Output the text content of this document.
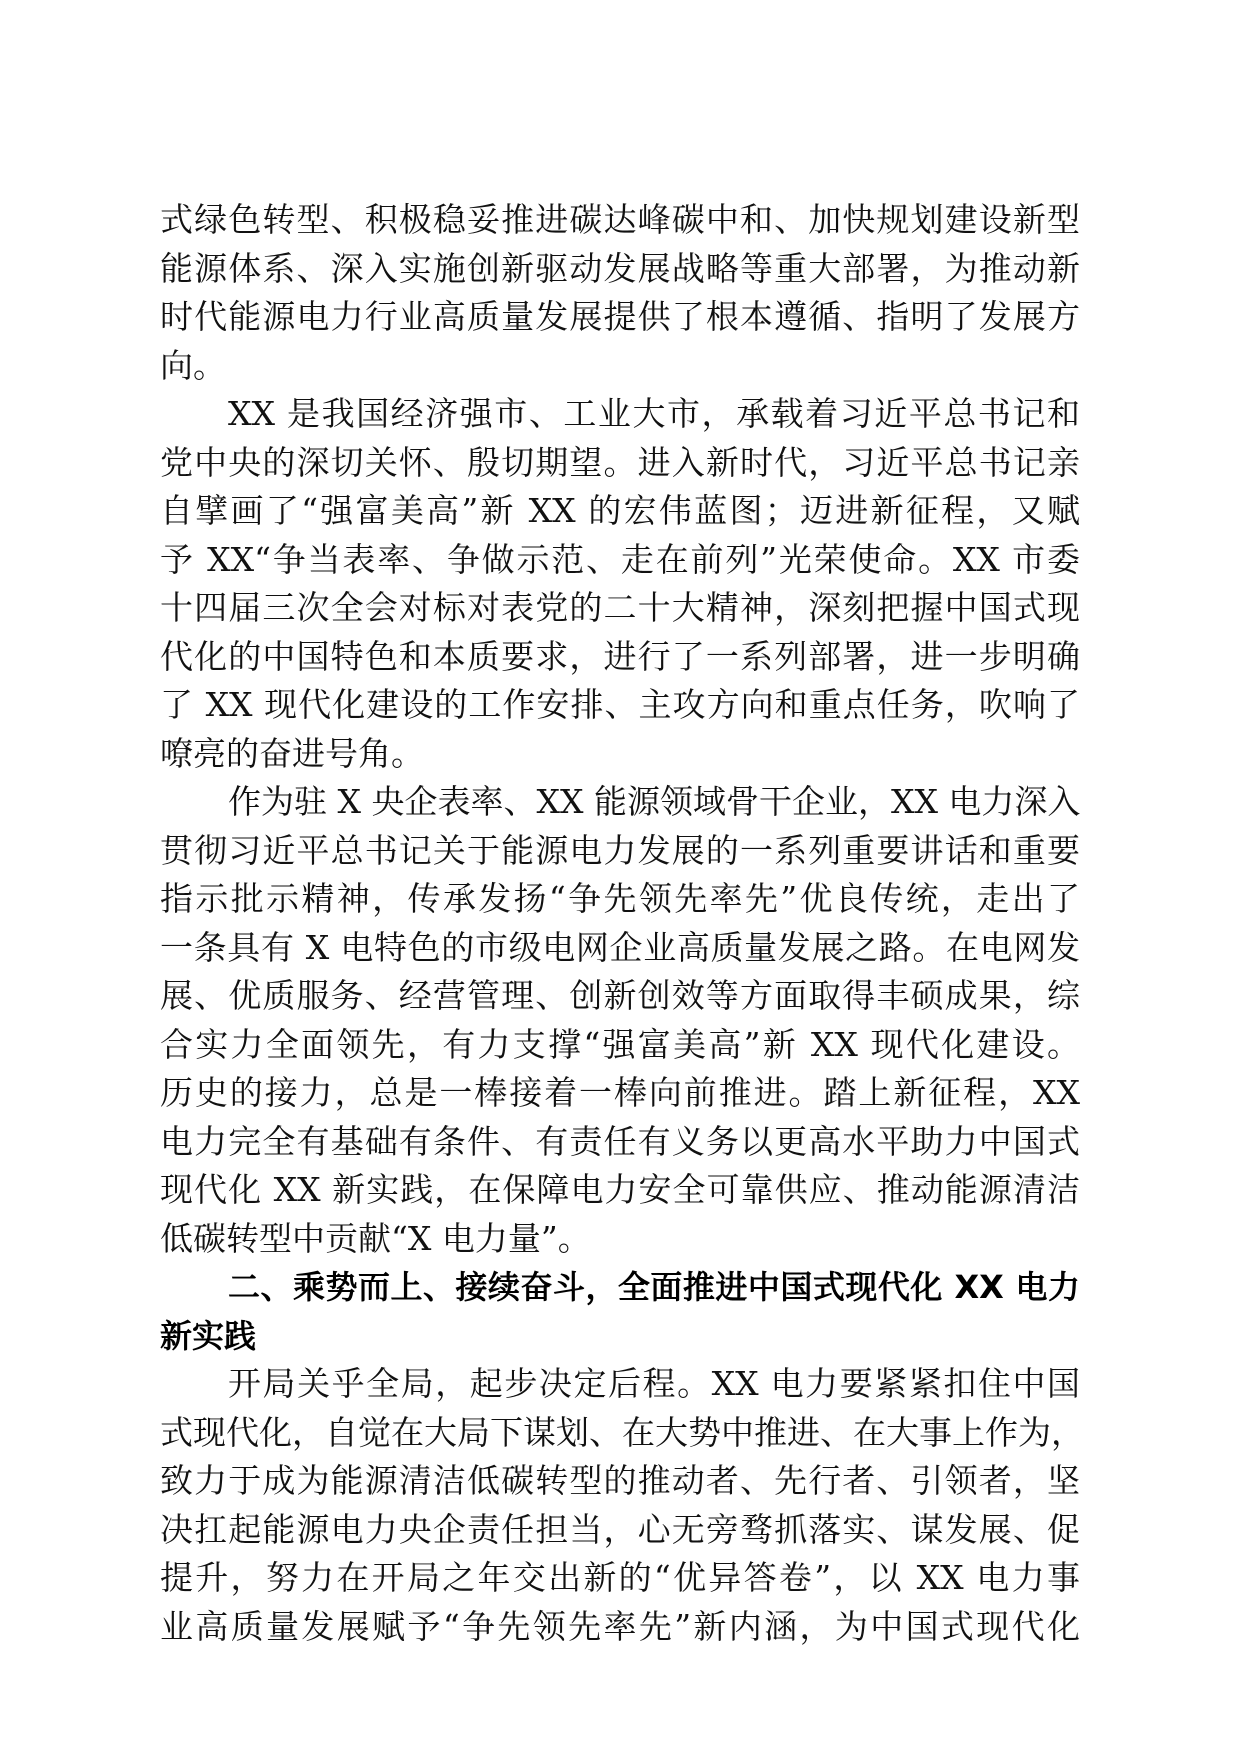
式绿色转型、积极稳妥推进碳达峰碳中和、加快规划建设新型
能源体系、深入实施创新驱动发展战略等重大部署，为推动新
时代能源电力行业高质量发展提供了根本遵循、指明了发展方
向。
XX 是我国经济强市、工业大市，承载着习近平总书记和
党中央的深切关怀、殷切期望。进入新时代，习近平总书记亲
自擘画了“强富美高”新 XX 的宏伟蓝图；迈进新征程，又赋
予 XX“争当表率、争做示范、走在前列”光荣使命。XX 市委
十四届三次全会对标对表党的二十大精神，深刻把握中国式现
代化的中国特色和本质要求，进行了一系列部署，进一步明确
了 XX 现代化建设的工作安排、主攻方向和重点任务，吹响了
嘹亮的奋进号角。
作为驻 X 央企表率、XX 能源领域骨干企业，XX 电力深入
贯彻习近平总书记关于能源电力发展的一系列重要讲话和重要
指示批示精神，传承发扬“争先领先率先”优良传统，走出了
一条具有 X 电特色的市级电网企业高质量发展之路。在电网发
展、优质服务、经营管理、创新创效等方面取得丰硕成果，综
合实力全面领先，有力支撑“强富美高”新 XX 现代化建设。
历史的接力，总是一棒接着一棒向前推进。踏上新征程，XX
电力完全有基础有条件、有责任有义务以更高水平助力中国式
现代化 XX 新实践，在保障电力安全可靠供应、推动能源清洁
低碳转型中贡献“X 电力量”。
二、乘势而上、接续奋斗，全面推进中国式现代化 XX 电力
新实践
开局关乎全局，起步决定后程。XX 电力要紧紧扣住中国
式现代化，自觉在大局下谋划、在大势中推进、在大事上作为，
致力于成为能源清洁低碳转型的推动者、先行者、引领者，坚
决扛起能源电力央企责任担当，心无旁骛抓落实、谋发展、促
提升，努力在开局之年交出新的“优异答卷”，以 XX 电力事
业高质量发展赋予“争先领先率先”新内涵，为中国式现代化
